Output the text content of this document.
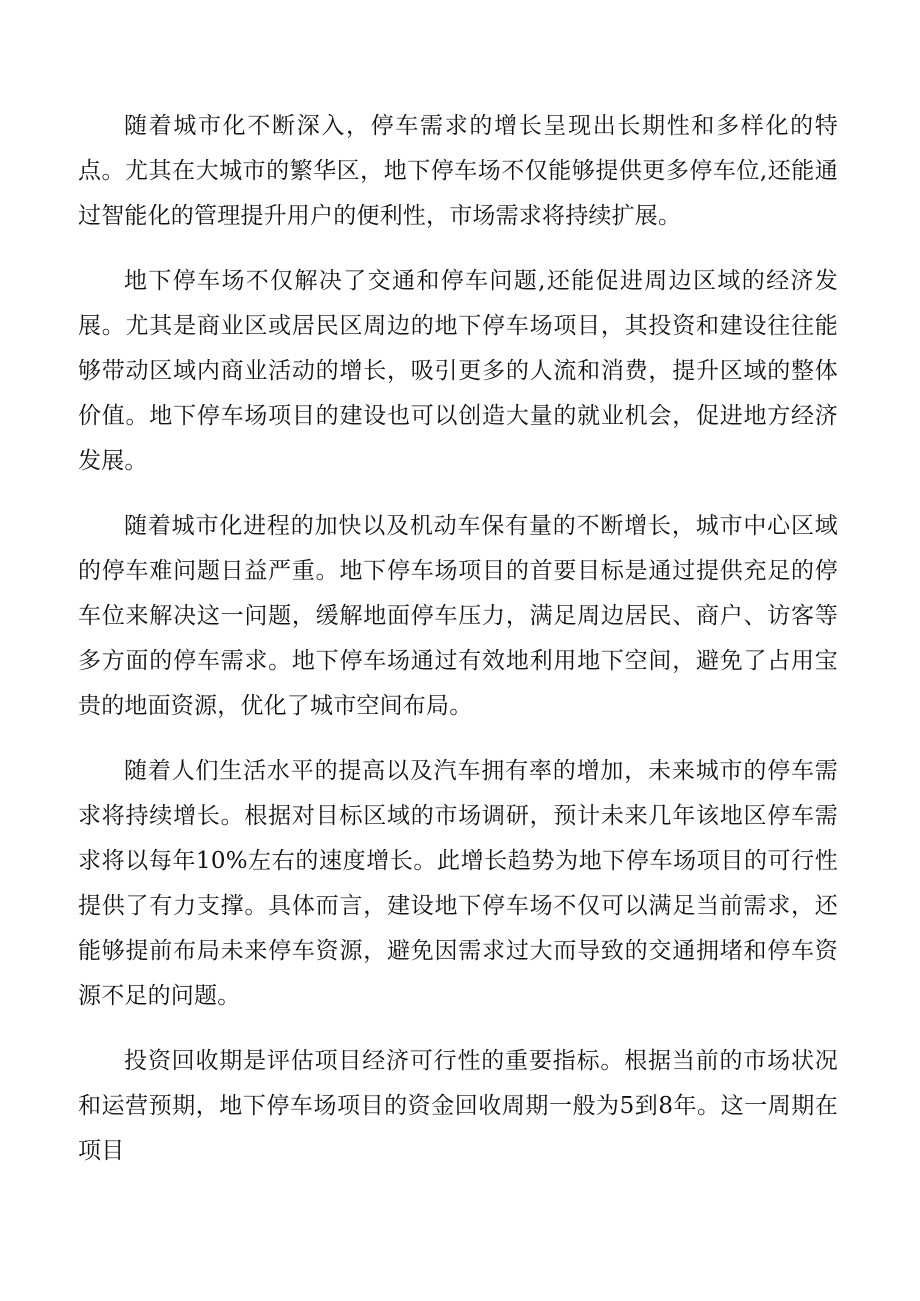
随着城市化不断深入，停车需求的增长呈现出长期性和多样化的特点。尤其在大城市的繁华区，地下停车场不仅能够提供更多停车位,还能通过智能化的管理提升用户的便利性，市场需求将持续扩展。

地下停车场不仅解决了交通和停车问题,还能促进周边区域的经济发展。尤其是商业区或居民区周边的地下停车场项目，其投资和建设往往能够带动区域内商业活动的增长，吸引更多的人流和消费，提升区域的整体价值。地下停车场项目的建设也可以创造大量的就业机会，促进地方经济发展。

随着城市化进程的加快以及机动车保有量的不断增长，城市中心区域的停车难问题日益严重。地下停车场项目的首要目标是通过提供充足的停车位来解决这一问题，缓解地面停车压力，满足周边居民、商户、访客等多方面的停车需求。地下停车场通过有效地利用地下空间，避免了占用宝贵的地面资源，优化了城市空间布局。

随着人们生活水平的提高以及汽车拥有率的增加，未来城市的停车需求将持续增长。根据对目标区域的市场调研，预计未来几年该地区停车需求将以每年10%左右的速度增长。此增长趋势为地下停车场项目的可行性提供了有力支撑。具体而言，建设地下停车场不仅可以满足当前需求，还能够提前布局未来停车资源，避免因需求过大而导致的交通拥堵和停车资源不足的问题。

投资回收期是评估项目经济可行性的重要指标。根据当前的市场状况和运营预期，地下停车场项目的资金回收周期一般为5到8年。这一周期在项目
